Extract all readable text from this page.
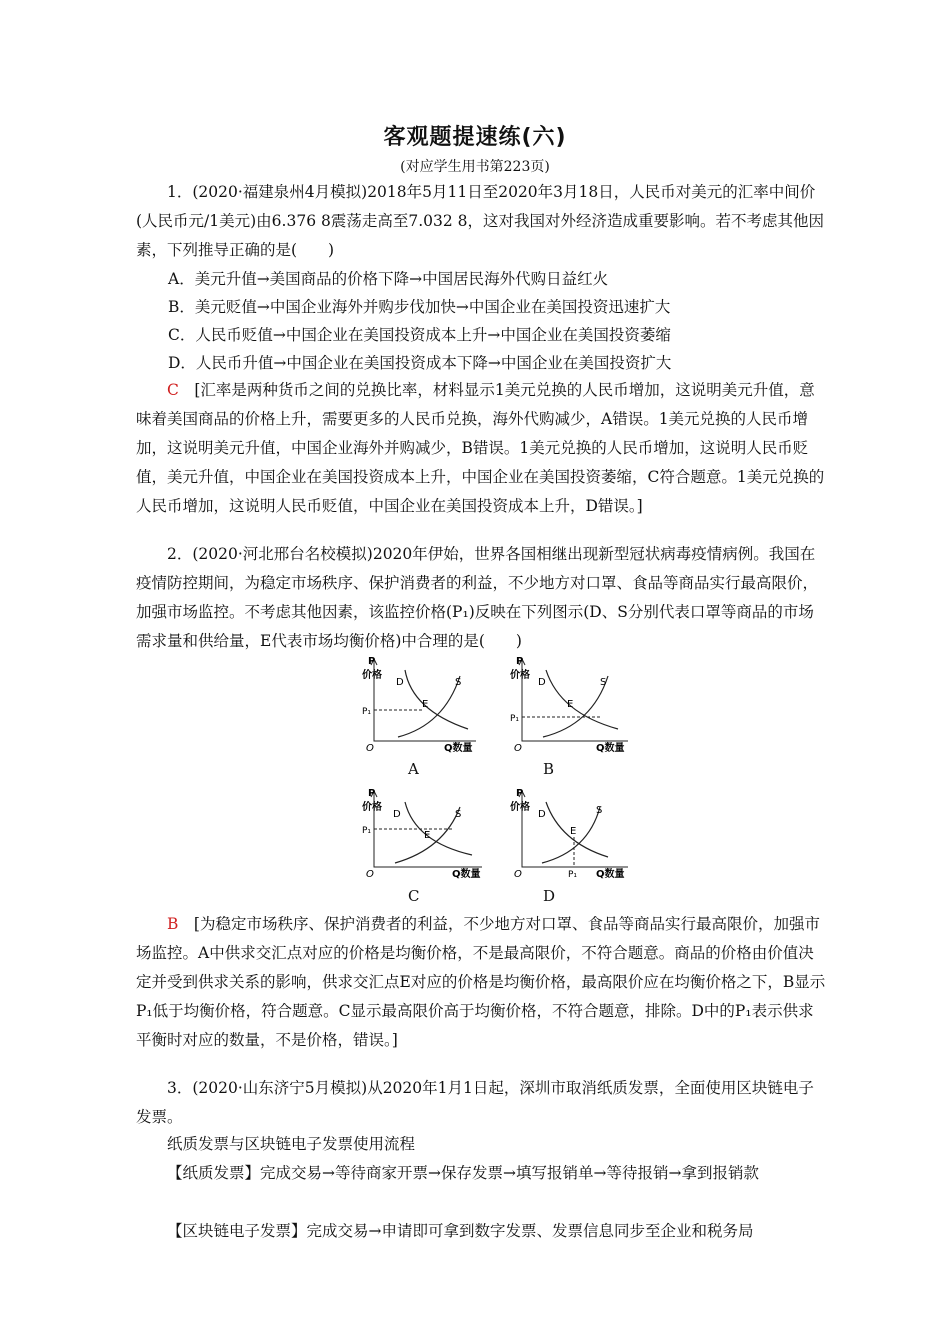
客观题提速练(六)
(对应学生用书第223页)

1．(2020·福建泉州4月模拟)2018年5月11日至2020年3月18日，人民币对美元的汇率中间价(人民币元/1美元)由6.376 8震荡走高至7.032 8，这对我国对外经济造成重要影响。若不考虑其他因素，下列推导正确的是(　　)

A．美元升值→美国商品的价格下降→中国居民海外代购日益红火

B．美元贬值→中国企业海外并购步伐加快→中国企业在美国投资迅速扩大

C．人民币贬值→中国企业在美国投资成本上升→中国企业在美国投资萎缩

D．人民币升值→中国企业在美国投资成本下降→中国企业在美国投资扩大

C　[汇率是两种货币之间的兑换比率，材料显示1美元兑换的人民币增加，这说明美元升值，意味着美国商品的价格上升，需要更多的人民币兑换，海外代购减少，A错误。1美元兑换的人民币增加，这说明美元升值，中国企业海外并购减少，B错误。1美元兑换的人民币增加，这说明人民币贬值，美元升值，中国企业在美国投资成本上升，中国企业在美国投资萎缩，C符合题意。1美元兑换的人民币增加，这说明人民币贬值，中国企业在美国投资成本上升，D错误。]

2．(2020·河北邢台名校模拟)2020年伊始，世界各国相继出现新型冠状病毒疫情病例。我国在疫情防控期间，为稳定市场秩序、保护消费者的利益，不少地方对口罩、食品等商品实行最高限价，加强市场监控。不考虑其他因素，该监控价格(P₁)反映在下列图示(D、S分别代表口罩等商品的市场需求量和供给量，E代表市场均衡价格)中合理的是(　　)

P
价格
D	S
E
P₁
O	Q数量
A
P
价格
D	S
E
P₁
O	Q数量
B
P
价格
D	S
E
P₁
O	Q数量
C
P
价格
D	S
E
P₁
O	Q数量
D

B　[为稳定市场秩序、保护消费者的利益，不少地方对口罩、食品等商品实行最高限价，加强市场监控。A中供求交汇点对应的价格是均衡价格，不是最高限价，不符合题意。商品的价格由价值决定并受到供求关系的影响，供求交汇点E对应的价格是均衡价格，最高限价应在均衡价格之下，B显示P₁低于均衡价格，符合题意。C显示最高限价高于均衡价格，不符合题意，排除。D中的P₁表示供求平衡时对应的数量，不是价格，错误。]

3．(2020·山东济宁5月模拟)从2020年1月1日起，深圳市取消纸质发票，全面使用区块链电子发票。

纸质发票与区块链电子发票使用流程

【纸质发票】完成交易→等待商家开票→保存发票→填写报销单→等待报销→拿到报销款

【区块链电子发票】完成交易→申请即可拿到数字发票、发票信息同步至企业和税务局
